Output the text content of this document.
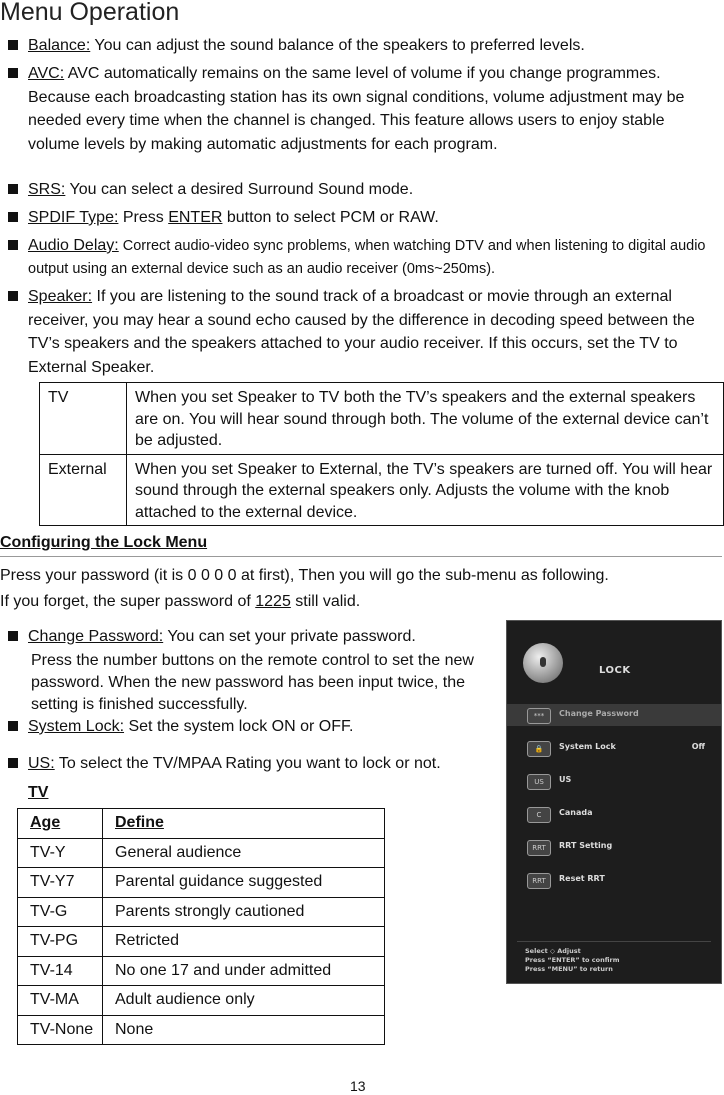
Menu Operation
Balance: You can adjust the sound balance of the speakers to preferred levels.
AVC: AVC automatically remains on the same level of volume if you change programmes. Because each broadcasting station has its own signal conditions, volume adjustment may be needed every time when the channel is changed. This feature allows users to enjoy stable volume levels by making automatic adjustments for each program.
SRS: You can select a desired Surround Sound mode.
SPDIF Type: Press ENTER button to select PCM or RAW.
Audio Delay: Correct audio-video sync problems, when watching DTV and when listening to digital audio output using an external device such as an audio receiver (0ms~250ms).
Speaker: If you are listening to the sound track of a broadcast or movie through an external receiver, you may hear a sound echo caused by the difference in decoding speed between the TV’s speakers and the speakers attached to your audio receiver. If this occurs, set the TV to External Speaker.
TV	When you set Speaker to TV both the TV’s speakers and the external speakers are on. You will hear sound through both. The volume of the external device can’t be adjusted.
External	When you set Speaker to External, the TV’s speakers are turned off. You will hear sound through the external speakers only. Adjusts the volume with the knob attached to the external device.
Configuring the Lock Menu
Press your password (it is 0 0 0 0 at first), Then you will go the sub-menu as following.
If you forget, the super password of 1225 still valid.
Change Password: You can set your private password.
Press the number buttons on the remote control to set the new password. When the new password has been input twice, the setting is finished successfully.
System Lock: Set the system lock ON or OFF.
US: To select the TV/MPAA Rating you want to lock or not.
TV
Age	Define
TV-Y	General audience
TV-Y7	Parental guidance suggested
TV-G	Parents strongly cautioned
TV-PG	Retricted
TV-14	No one 17 and under admitted
TV-MA	Adult audience only
TV-None	None
LOCK
***	Change Password
🔒	System Lock	Off
US	US
C	Canada
RRT	RRT Setting
RRT	Reset RRT
Select ◇ Adjust
Press “ENTER” to confirm
Press “MENU” to return
13
